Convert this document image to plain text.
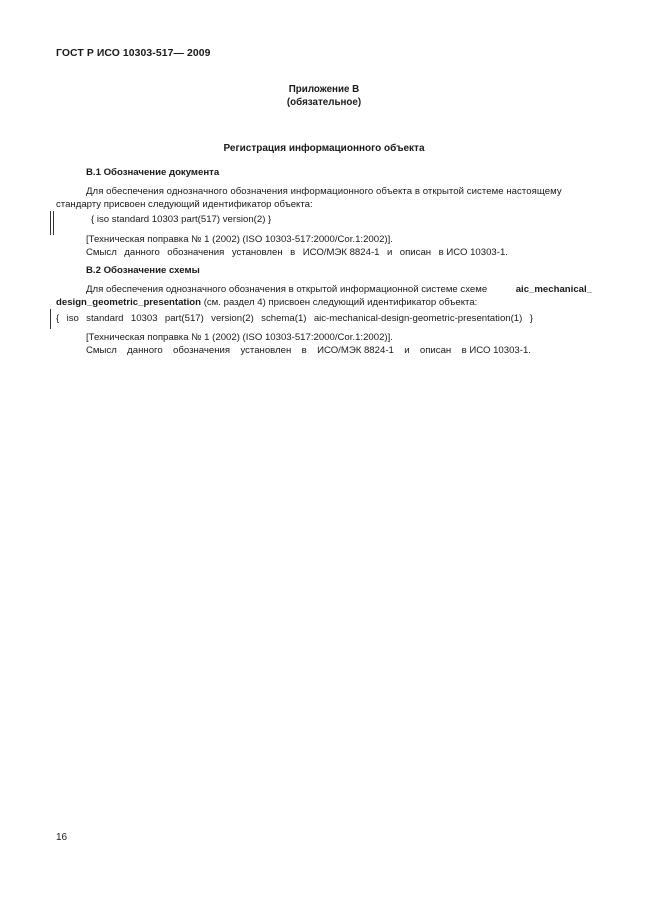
ГОСТ Р ИСО 10303-517— 2009
Приложение В
(обязательное)
Регистрация информационного объекта
В.1 Обозначение документа
Для обеспечения однозначного обозначения информационного объекта в открытой системе настоящему
стандарту присвоен следующий идентификатор объекта:
{ iso standard 10303 part(517) version(2) }
[Техническая поправка № 1 (2002) (ISO 10303-517:2000/Cor.1:2002)].
Смысл данного обозначения установлен в ИСО/МЭК 8824-1 и описан в ИСО 10303-1.
В.2 Обозначение схемы
Для обеспечения однозначного обозначения в открытой информационной системе схеме	aic_mechanical_
design_geometric_presentation (см. раздел 4) присвоен следующий идентификатор объекта:
{ iso standard 10303 part(517) version(2) schema(1) aic-mechanical-design-geometric-presentation(1) }
[Техническая поправка № 1 (2002) (ISO 10303-517:2000/Cor.1:2002)].
Смысл данного обозначения установлен в ИСО/МЭК 8824-1 и описан в ИСО 10303-1.
16
